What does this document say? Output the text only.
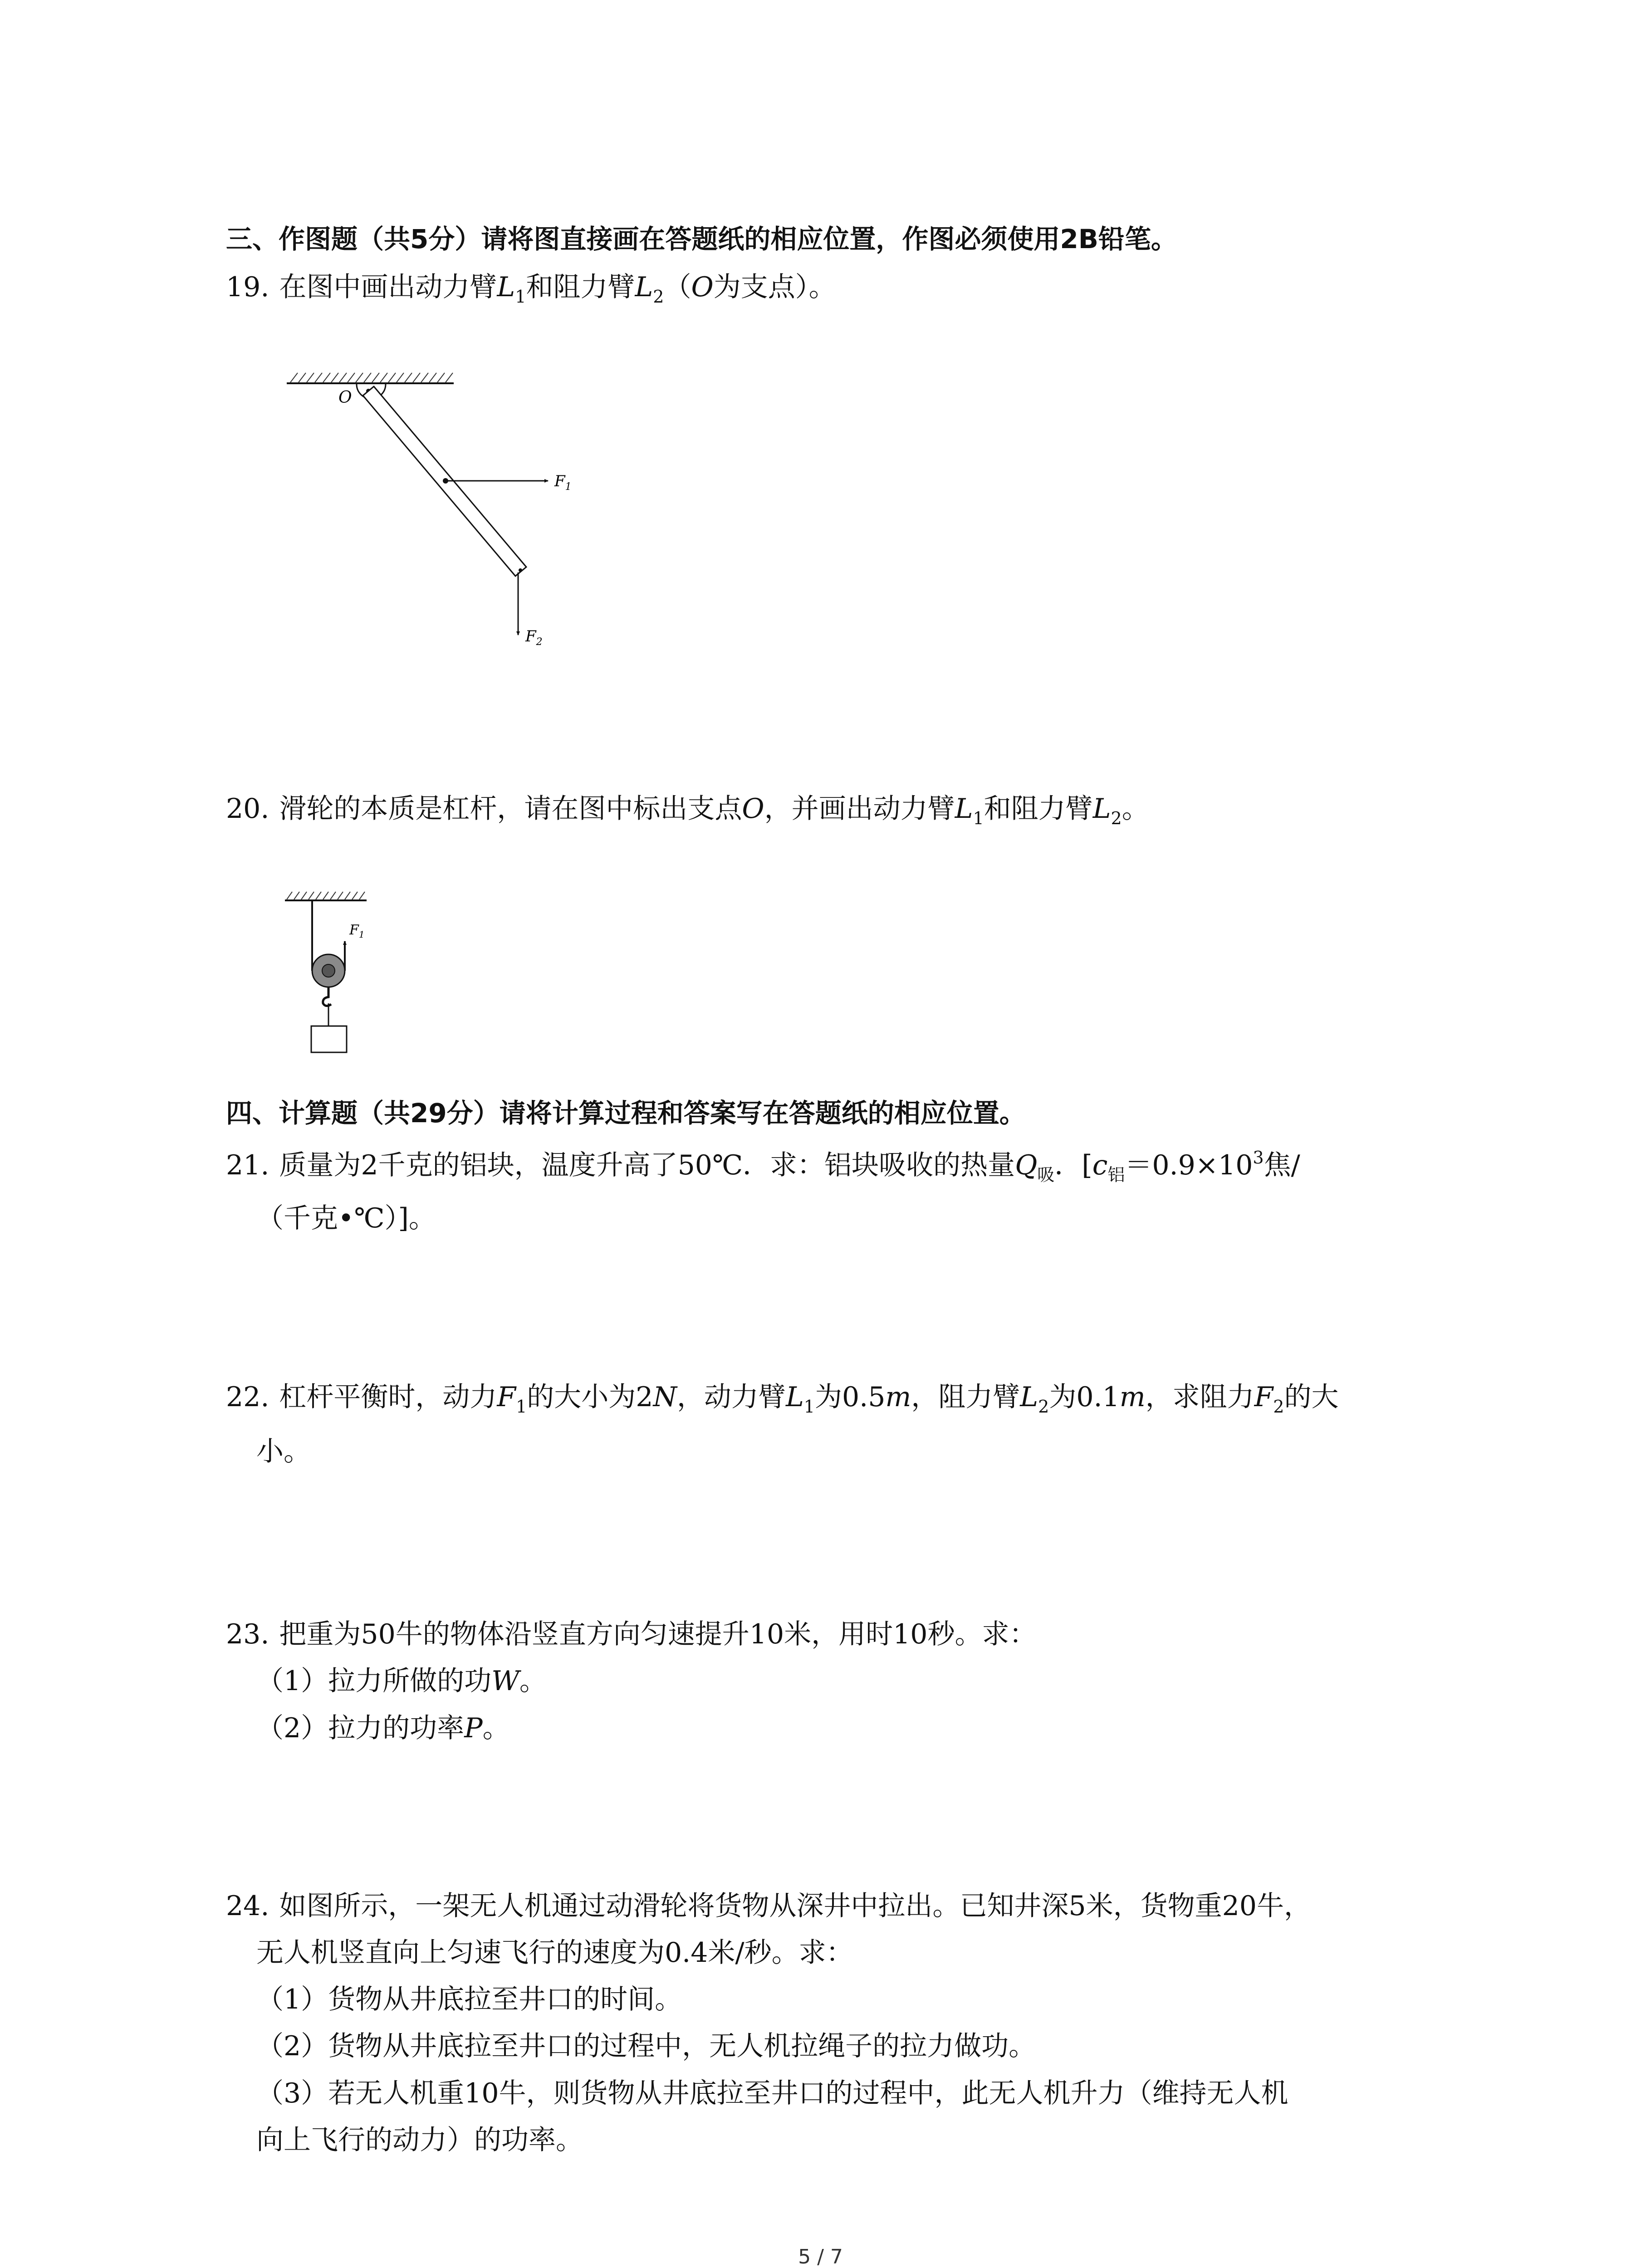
三、作图题（共5分）请将图直接画在答题纸的相应位置，作图必须使用2B铅笔。
19. 在图中画出动力臂$L_1$和阻力臂$L_2(O$为支点）。
O
$F_1$
$F_2$
20. 滑轮的本质是杠杆，请在图中标出支点O，并画出动力臂$L_1$和阻力臂$L_2$。
$F_1$
四、计算题（共29分）请将计算过程和答案写在答题纸的相应位置。
21. 质量为2千克的铝块，温度升高了50℃．求：铝块吸收的热量$Q_吸$．[$c_铝=0.9\times 10^3$焦/
（千克•℃）]。
22. 杠杆平衡时，动力$F_1$的大小为2N，动力臂$L_1$为0.5m，阻力臂$L_2$为0.1m，求阻力$F_2$的大
小。
23. 把重为50牛的物体沿竖直方向匀速提升10米，用时10秒。求：
（1）拉力所做的功W。
（2）拉力的功率P。
24. 如图所示，一架无人机通过动滑轮将货物从深井中拉出。已知井深5米，货物重20牛，
无人机竖直向上匀速飞行的速度为0.4米/秒。求：
（1）货物从井底拉至井口的时间。
（2）货物从井底拉至井口的过程中，无人机拉绳子的拉力做功。
（3）若无人机重10牛，则货物从井底拉至井口的过程中，此无人机升力（维持无人机
向上飞行的动力）的功率。
5 / 7
